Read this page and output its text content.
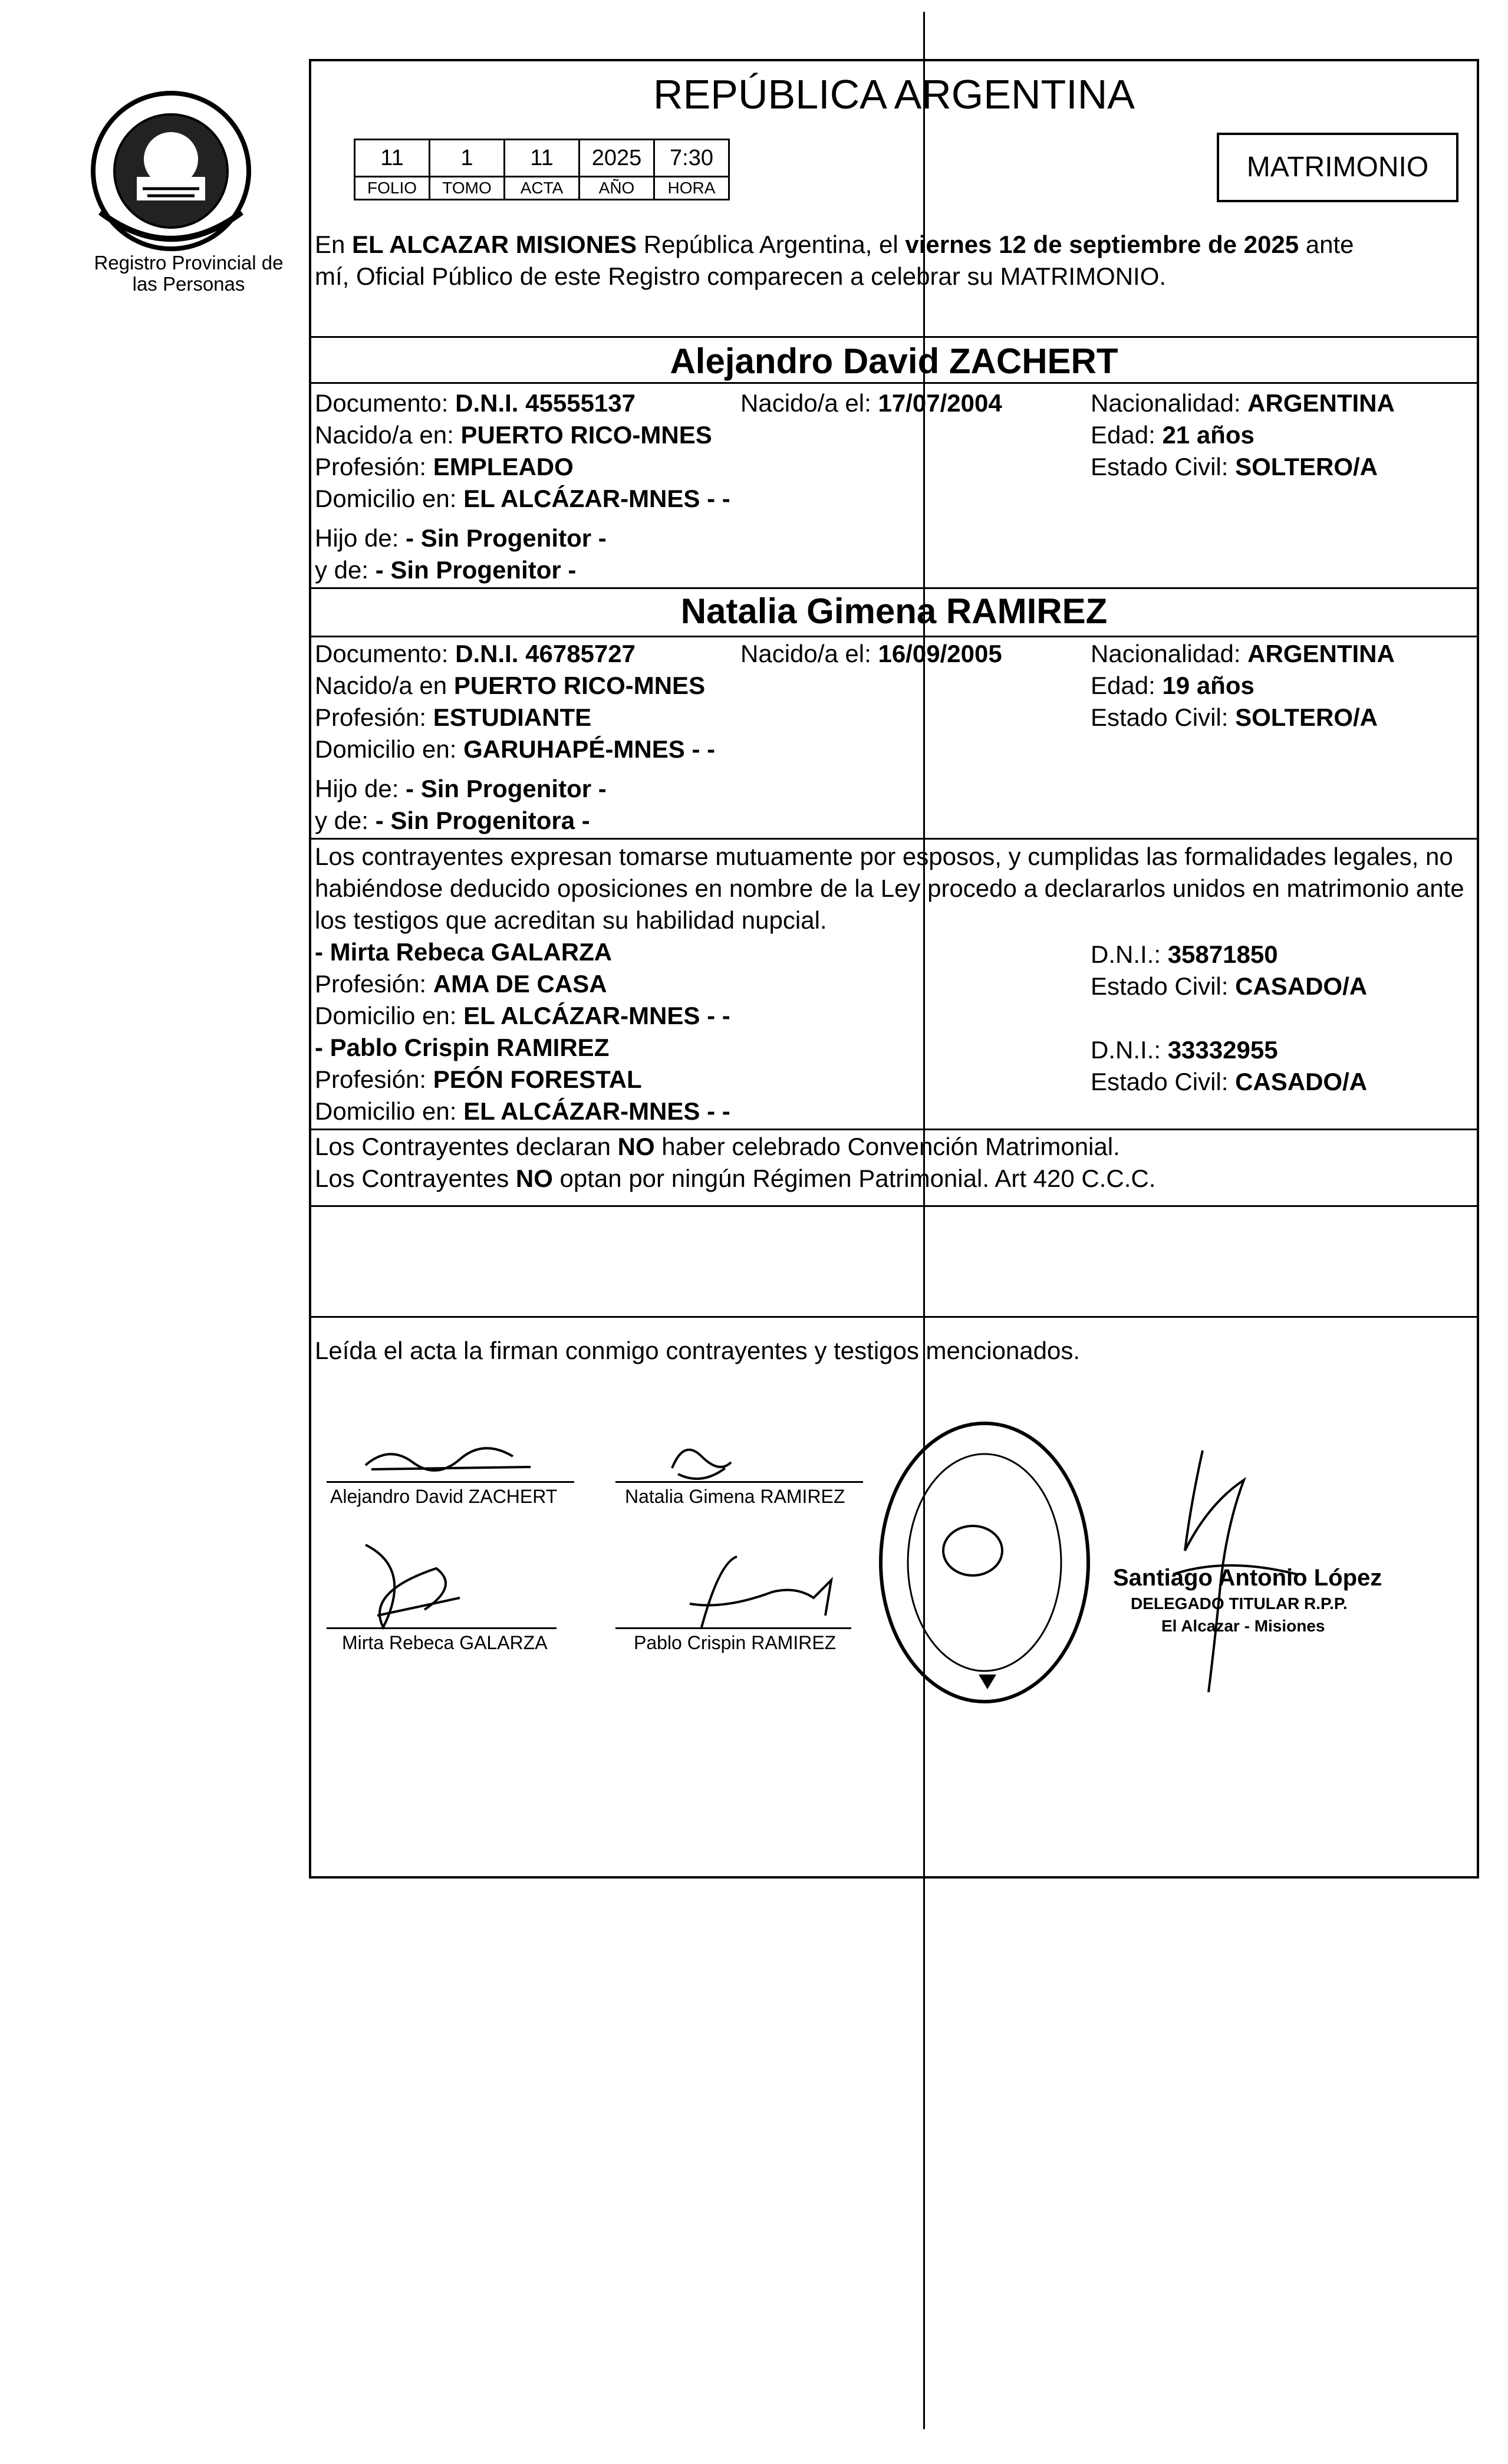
Registro Provincial de las Personas
REPÚBLICA ARGENTINA
11	1	11	2025	7:30
FOLIO	TOMO	ACTA	AÑO	HORA
MATRIMONIO
En EL ALCAZAR MISIONES República Argentina, el viernes 12 de septiembre de 2025 ante
mí, Oficial Público de este Registro comparecen a celebrar su MATRIMONIO.
Alejandro David ZACHERT
Documento: D.N.I. 45555137	Nacido/a el: 17/07/2004	Nacionalidad: ARGENTINA
Nacido/a en: PUERTO RICO-MNES	Edad: 21 años
Profesión: EMPLEADO	Estado Civil: SOLTERO/A
Domicilio en: EL ALCÁZAR-MNES - -
Hijo de: - Sin Progenitor -
y de: - Sin Progenitor -
Natalia Gimena RAMIREZ
Documento: D.N.I. 46785727	Nacido/a el: 16/09/2005	Nacionalidad: ARGENTINA
Nacido/a en PUERTO RICO-MNES	Edad: 19 años
Profesión: ESTUDIANTE	Estado Civil: SOLTERO/A
Domicilio en: GARUHAPÉ-MNES - -
Hijo de: - Sin Progenitor -
y de: - Sin Progenitora -
Los contrayentes expresan tomarse mutuamente por esposos, y cumplidas las formalidades legales, no
habiéndose deducido oposiciones en nombre de la Ley procedo a declararlos unidos en matrimonio ante
los testigos que acreditan su habilidad nupcial.
- Mirta Rebeca GALARZA	D.N.I.: 35871850
Profesión: AMA DE CASA	Estado Civil: CASADO/A
Domicilio en: EL ALCÁZAR-MNES - -
- Pablo Crispin RAMIREZ	D.N.I.: 33332955
Profesión: PEÓN FORESTAL	Estado Civil: CASADO/A
Domicilio en: EL ALCÁZAR-MNES - -
Los Contrayentes declaran NO haber celebrado Convención Matrimonial.
Los Contrayentes NO optan por ningún Régimen Patrimonial. Art 420 C.C.C.
Leída el acta la firman conmigo contrayentes y testigos mencionados.
Alejandro David ZACHERT	Natalia Gimena RAMIREZ
Mirta Rebeca GALARZA	Pablo Crispin RAMIREZ
Santiago Antonio López
DELEGADO TITULAR R.P.P.
El Alcazar - Misiones
